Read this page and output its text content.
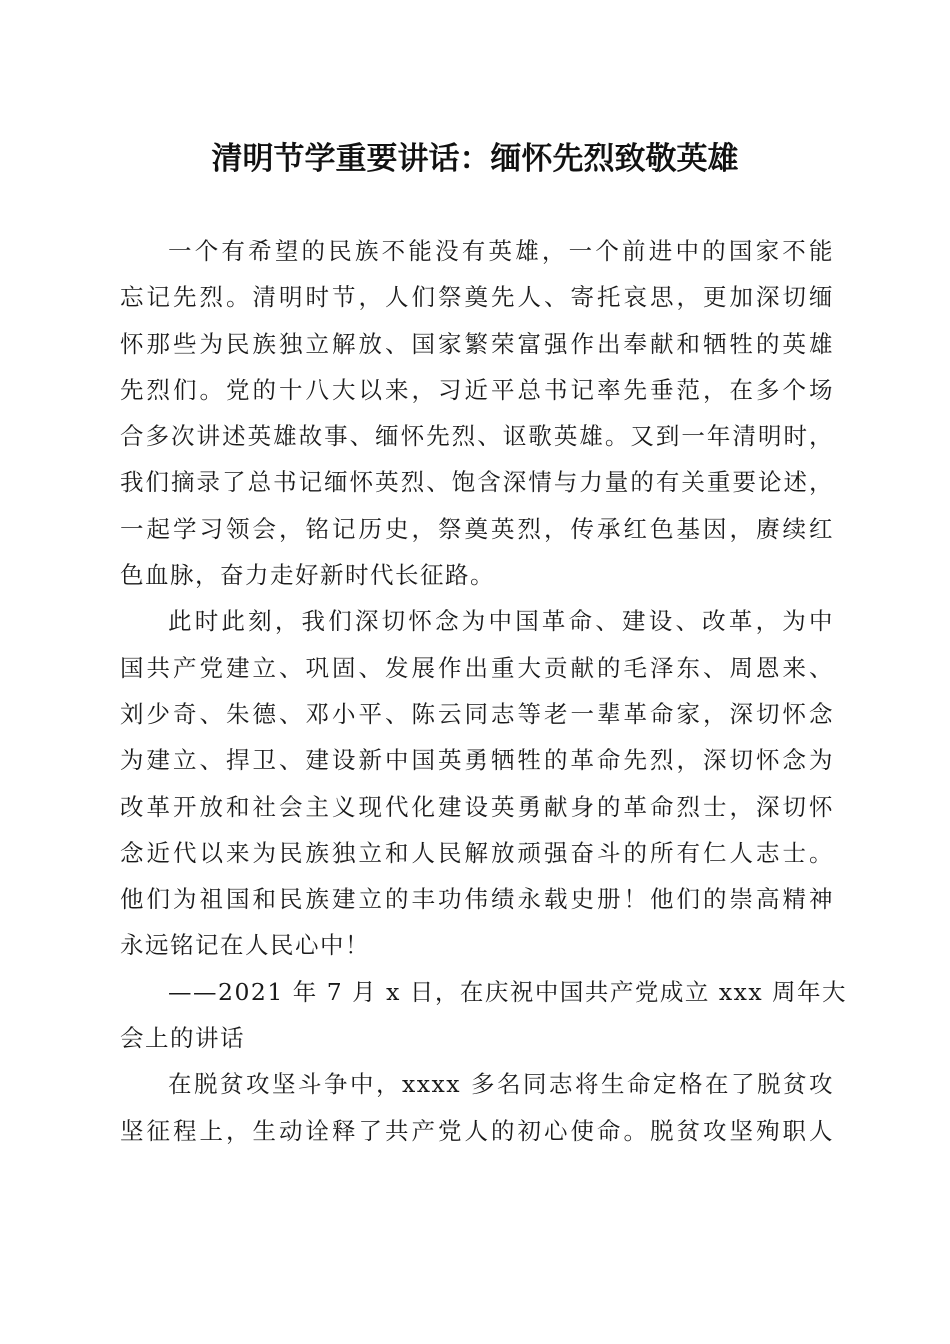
清明节学重要讲话：缅怀先烈致敬英雄
一个有希望的民族不能没有英雄，一个前进中的国家不能
忘记先烈。清明时节，人们祭奠先人、寄托哀思，更加深切缅
怀那些为民族独立解放、国家繁荣富强作出奉献和牺牲的英雄
先烈们。党的十八大以来，习近平总书记率先垂范，在多个场
合多次讲述英雄故事、缅怀先烈、讴歌英雄。又到一年清明时，
我们摘录了总书记缅怀英烈、饱含深情与力量的有关重要论述，
一起学习领会，铭记历史，祭奠英烈，传承红色基因，赓续红
色血脉，奋力走好新时代长征路。
此时此刻，我们深切怀念为中国革命、建设、改革，为中
国共产党建立、巩固、发展作出重大贡献的毛泽东、周恩来、
刘少奇、朱德、邓小平、陈云同志等老一辈革命家，深切怀念
为建立、捍卫、建设新中国英勇牺牲的革命先烈，深切怀念为
改革开放和社会主义现代化建设英勇献身的革命烈士，深切怀
念近代以来为民族独立和人民解放顽强奋斗的所有仁人志士。
他们为祖国和民族建立的丰功伟绩永载史册！他们的崇高精神
永远铭记在人民心中！
——2021 年 7 月 x 日，在庆祝中国共产党成立 xxx 周年大
会上的讲话
在脱贫攻坚斗争中，xxxx 多名同志将生命定格在了脱贫攻
坚征程上，生动诠释了共产党人的初心使命。脱贫攻坚殉职人
